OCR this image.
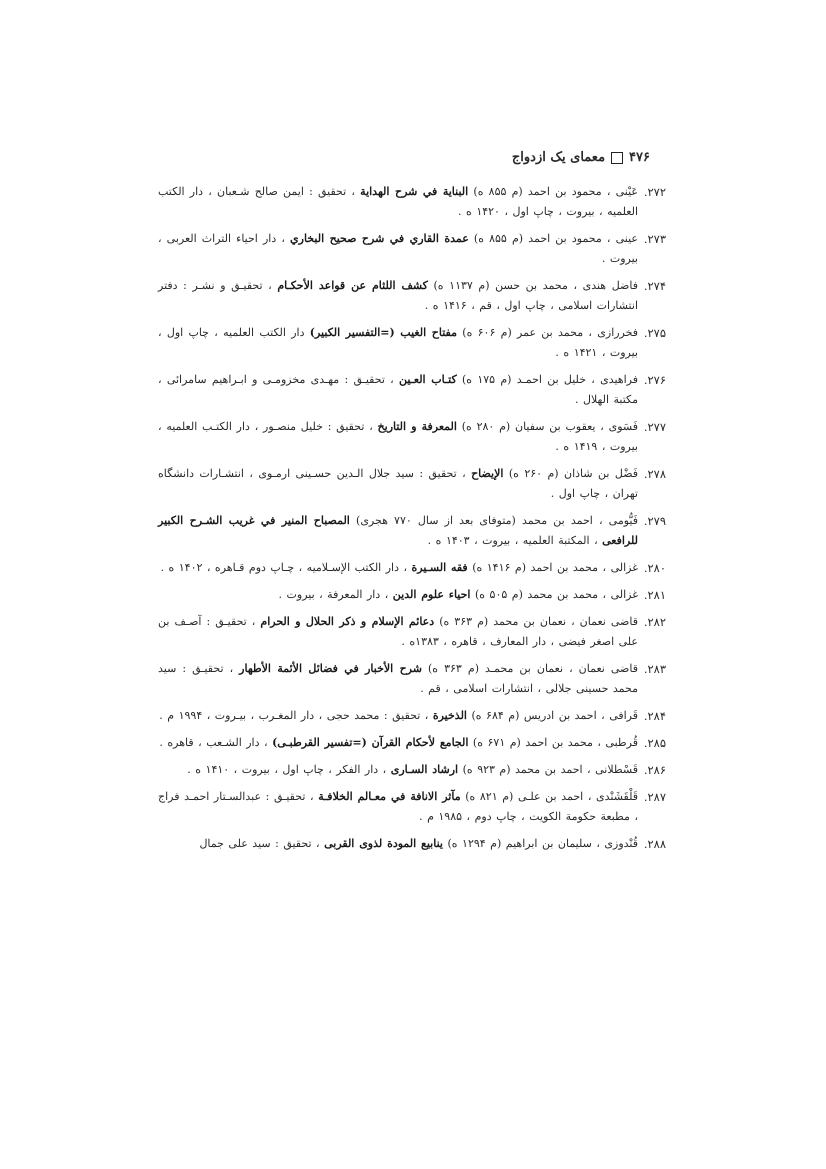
۴۷۶
معمای یک ازدواج
۲۷۲.
عَيْنی ، محمود بن احمد (م ۸۵۵ ه) البناية في شرح الهداية ، تحقيق : ايمن صالح شـعبان ، دار الكتب العلميه ، بيروت ، چاپ اول ، ۱۴۲۰ ه .
۲۷۳.
عينی ، محمود بن احمد (م ۸۵۵ ه) عمدة القاري في شرح صحيح البخاري ، دار احياء التراث العربی ، بيروت .
۲۷۴.
فاضل هندی ، محمد بن حسن (م ۱۱۳۷ ه) كشف اللثام عن قواعد الأحكـام ، تحقيـق و نشـر : دفتر انتشارات اسلامی ، چاپ اول ، قم ، ۱۴۱۶ ه .
۲۷۵.
فخررازی ، محمد بن عمر (م ۶۰۶ ه) مفتاح الغيب (=التفسير الكبير) دار الكتب العلميه ، چاپ اول ، بيروت ، ۱۴۲۱ ه .
۲۷۶.
فراهيدی ، خليل بن احمـد (م ۱۷۵ ه) كتـاب العـين ، تحقيـق : مهـدی مخزومـی و ابـراهيم سامرائی ، مكتبة الهلال .
۲۷۷.
فَسَوی ، يعقوب بن سفيان (م ۲۸۰ ه) المعرفة و التاريخ ، تحقيق : خليل منصـور ، دار الكتـب العلميه ، بيروت ، ۱۴۱۹ ه .
۲۷۸.
فَضْل بن شاذان (م ۲۶۰ ه) الإيضاح ، تحقيق : سيد جلال الـدين حسـينی ارمـوی ، انتشـارات دانشگاه تهران ، چاپ اول .
۲۷۹.
فَيُّومی ، احمد بن محمد (متوفای بعد از سال ۷۷۰ هجری) المصباح المنير في غريب الشـرح الكبير للرافعی ، المكتبة العلميه ، بيروت ، ۱۴۰۳ ه .
۲۸۰.
غزالی ، محمد بن احمد (م ۱۴۱۶ ه) فقه السـيرة ، دار الكتب الإسـلاميه ، چـاپ دوم قـاهره ، ۱۴۰۲ ه .
۲۸۱.
غزالی ، محمد بن محمد (م ۵۰۵ ه) احياء علوم الدين ، دار المعرفة ، بيروت .
۲۸۲.
قاضی نعمان ، نعمان بن محمد (م ۳۶۳ ه) دعائم الإسلام و ذكر الحلال و الحرام ، تحقيـق : آصـف بن علی اصغر فيضی ، دار المعارف ، قاهره ، ۱۳۸۳ه .
۲۸۳.
قاضی نعمان ، نعمان بن محمـد (م ۳۶۳ ه) شرح الأخبار في فضائل الأئمة الأطهار ، تحقيـق : سيد محمد حسينی جلالی ، انتشارات اسلامی ، قم .
۲۸۴.
قَرافی ، احمد بن ادريس (م ۶۸۴ ه) الذخيرة ، تحقيق : محمد حجی ، دار المغـرب ، بيـروت ، ۱۹۹۴ م .
۲۸۵.
قُرطبی ، محمد بن احمد (م ۶۷۱ ه) الجامع لأحكام القرآن (=تفسير القرطبـی) ، دار الشـعب ، قاهره .
۲۸۶.
قَسْطلانی ، احمد بن محمد (م ۹۲۳ ه) ارشاد السـاری ، دار الفكر ، چاپ اول ، بيروت ، ۱۴۱۰ ه .
۲۸۷.
قَلْقَشَنْدی ، احمد بن علـی (م ۸۲۱ ه) مآثر الانافة في معـالم الخلافـة ، تحقيـق : عبدالسـتار احمـد فراج ، مطبعة حكومة الكويت ، چاپ دوم ، ۱۹۸۵ م .
۲۸۸.
قُنْدوزی ، سليمان بن ابراهيم (م ۱۲۹۴ ه) ينابيع المودة لذوی القربی ، تحقيق : سيد علی جمال
